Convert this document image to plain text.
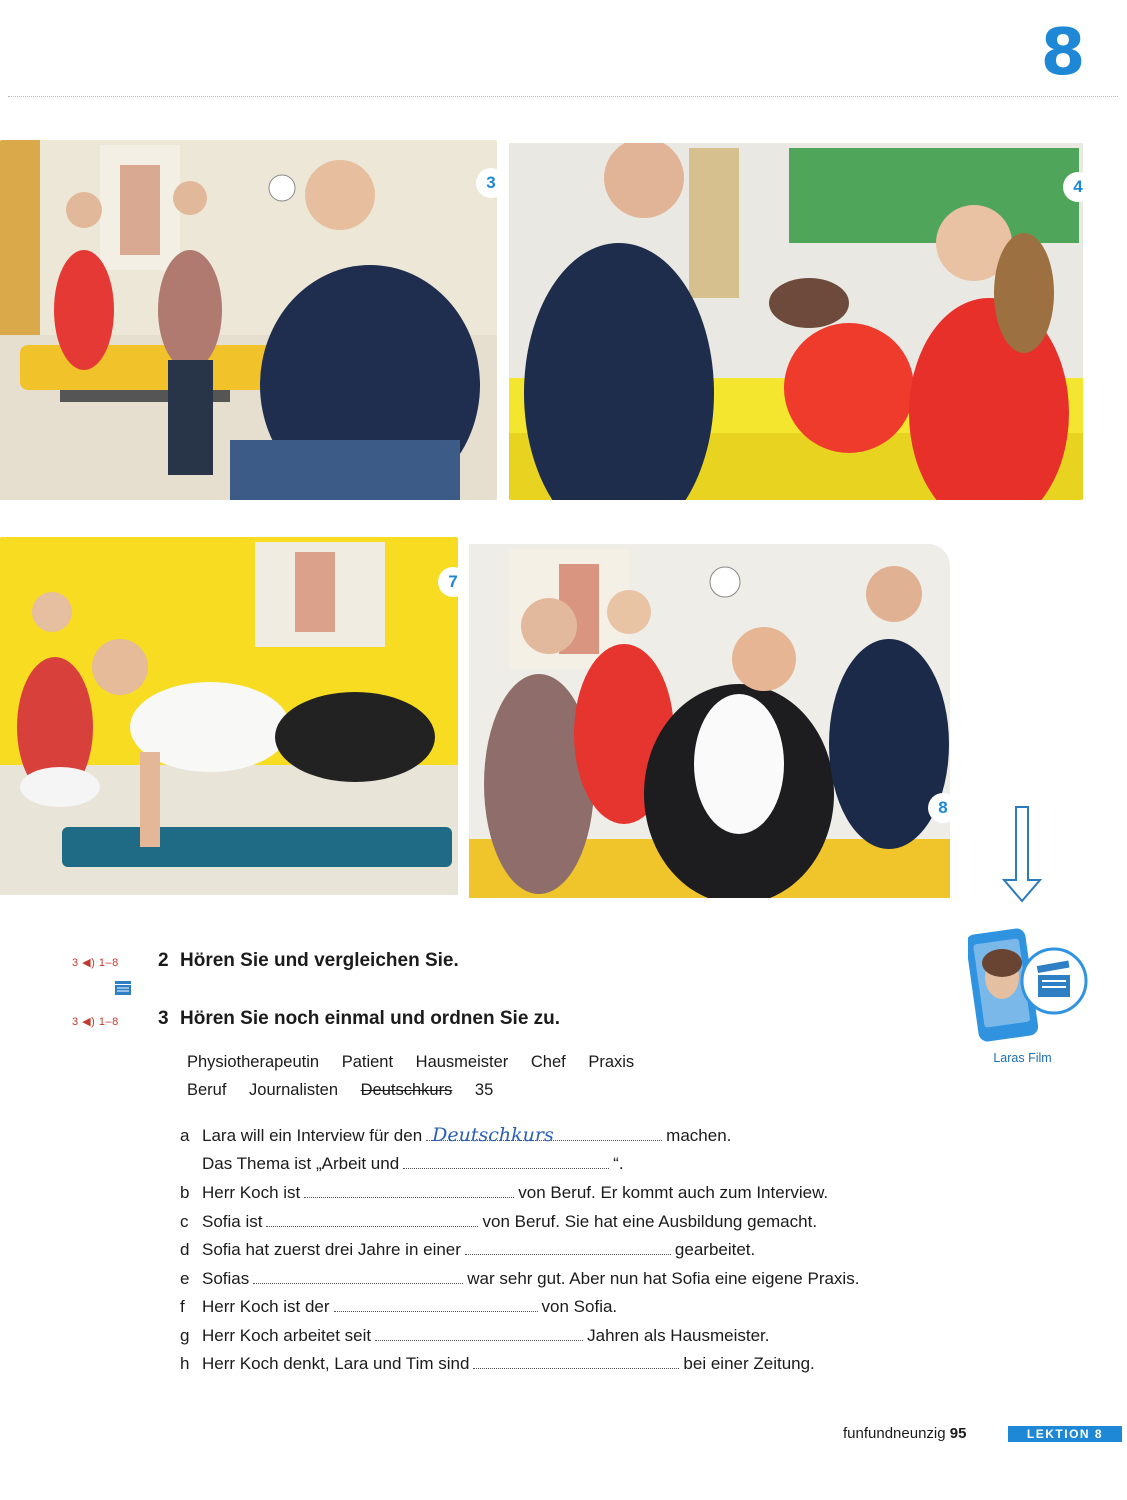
8
3	4
7
8
Laras Film
3 ◀) 1–8 2 Hören Sie und vergleichen Sie.
3 ◀) 1–8 3 Hören Sie noch einmal und ordnen Sie zu.
Physiotherapeutin Patient Hausmeister Chef Praxis
Beruf Journalisten Deutschkurs 35
a Lara will ein Interview für den Deutschkurs	machen.
Das Thema ist „Arbeit und	“.
b Herr Koch ist	von Beruf. Er kommt auch zum Interview.
c Sofia ist	von Beruf. Sie hat eine Ausbildung gemacht.
d Sofia hat zuerst drei Jahre in einer	gearbeitet.
e Sofias	war sehr gut. Aber nun hat Sofia eine eigene Praxis.
f Herr Koch ist der	von Sofia.
g Herr Koch arbeitet seit	Jahren als Hausmeister.
h Herr Koch denkt, Lara und Tim sind	bei einer Zeitung.
funfundneunzig 95	LEKTION 8
